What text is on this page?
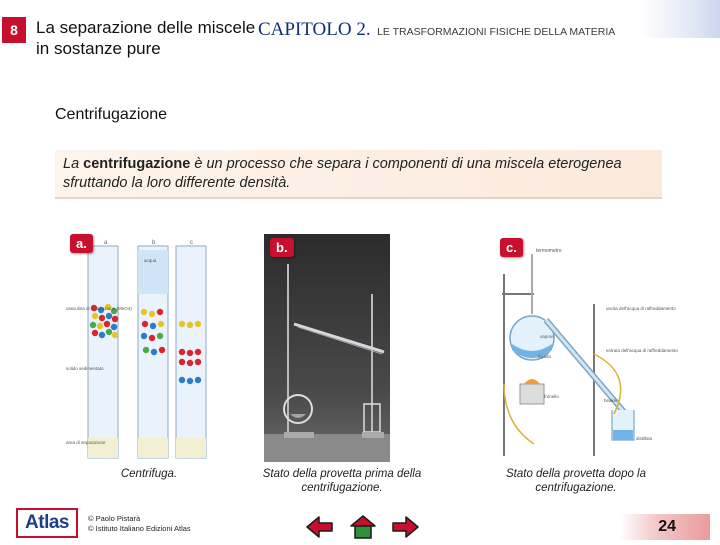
8	La separazione delle miscele in sostanze pure
CAPITOLO 2. LE TRASFORMAZIONI FISICHE DELLA MATERIA
Centrifugazione
La centrifugazione è un processo che separa i componenti di una miscela eterogenea sfruttando la loro differente densità.
a	b	c
vasculina di separazione (MnO4)
acqua
solido sedimentato
area di separazione
a.	b.	termometro
uscita dell'acqua di raffreddamento
vapore
entrata dell'acqua di raffreddamento
liquido
fornello
beaker
distillato
c.
Centrifuga.	Stato della provetta prima della centrifugazione.
Stato della provetta dopo la centrifugazione.
Atlas	© Paolo Pistarà
© Istituto Italiano Edizioni Atlas	24
